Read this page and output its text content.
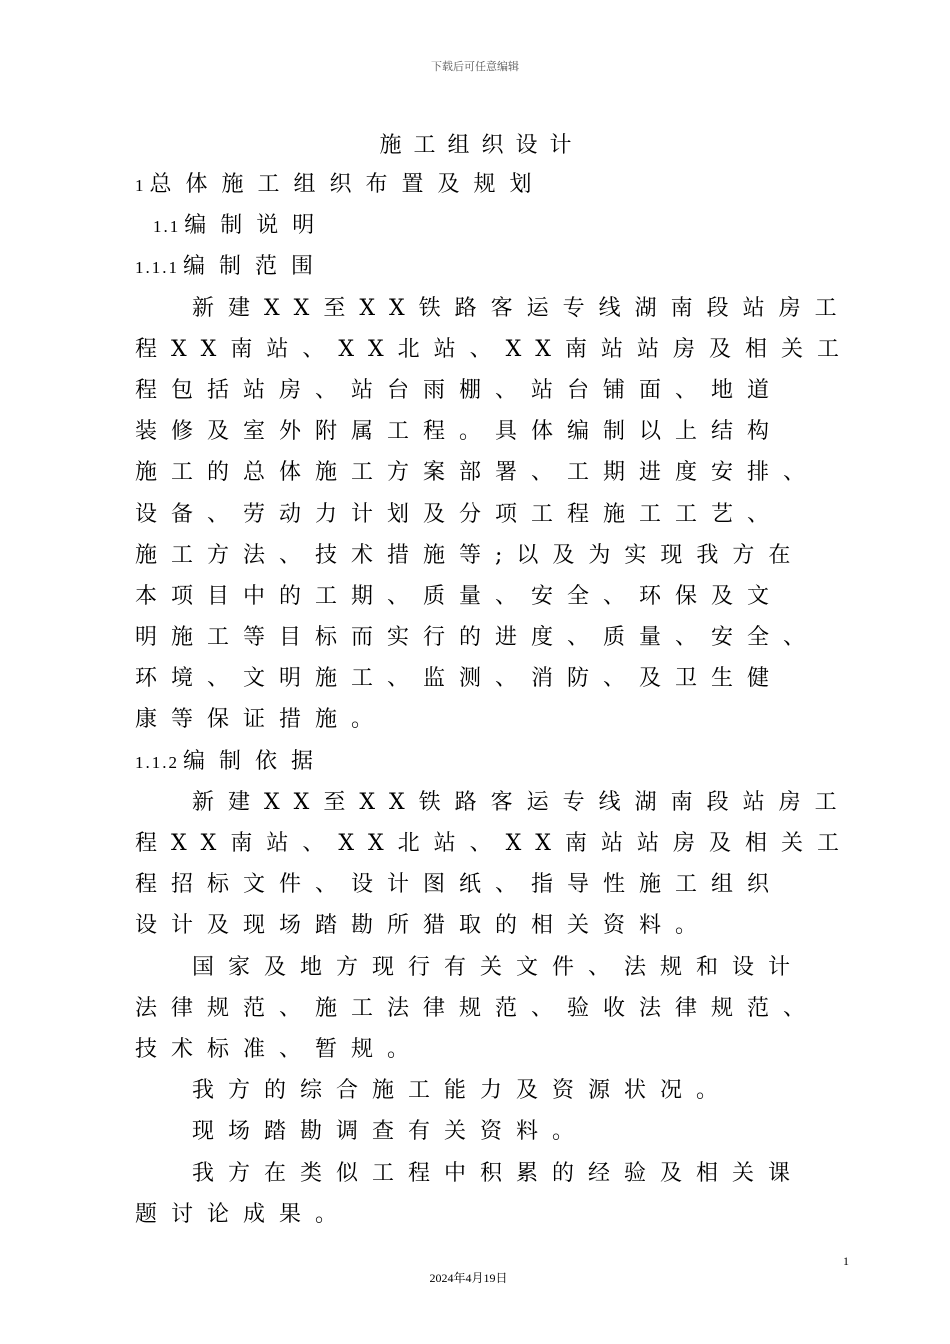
下载后可任意编辑
施工组织设计
1 总体施工组织布置及规划
1.1 编制说明
1.1.1 编制范围
新建XX至XX铁路客运专线湖南段站房工
程XX南站、XX北站、XX南站站房及相关工
程包括站房、站台雨棚、站台铺面、地道
装修及室外附属工程。具体编制以上结构
施工的总体施工方案部署、工期进度安排、
设备、劳动力计划及分项工程施工工艺、
施工方法、技术措施等;以及为实现我方在
本项目中的工期、质量、安全、环保及文
明施工等目标而实行的进度、质量、安全、
环境、文明施工、监测、消防、及卫生健
康等保证措施。
1.1.2 编制依据
新建XX至XX铁路客运专线湖南段站房工
程XX南站、XX北站、XX南站站房及相关工
程招标文件、设计图纸、指导性施工组织
设计及现场踏勘所猎取的相关资料。
国家及地方现行有关文件、法规和设计
法律规范、施工法律规范、验收法律规范、
技术标准、暂规。
我方的综合施工能力及资源状况。
现场踏勘调查有关资料。
我方在类似工程中积累的经验及相关课
题讨论成果。
1
2024年4月19日
